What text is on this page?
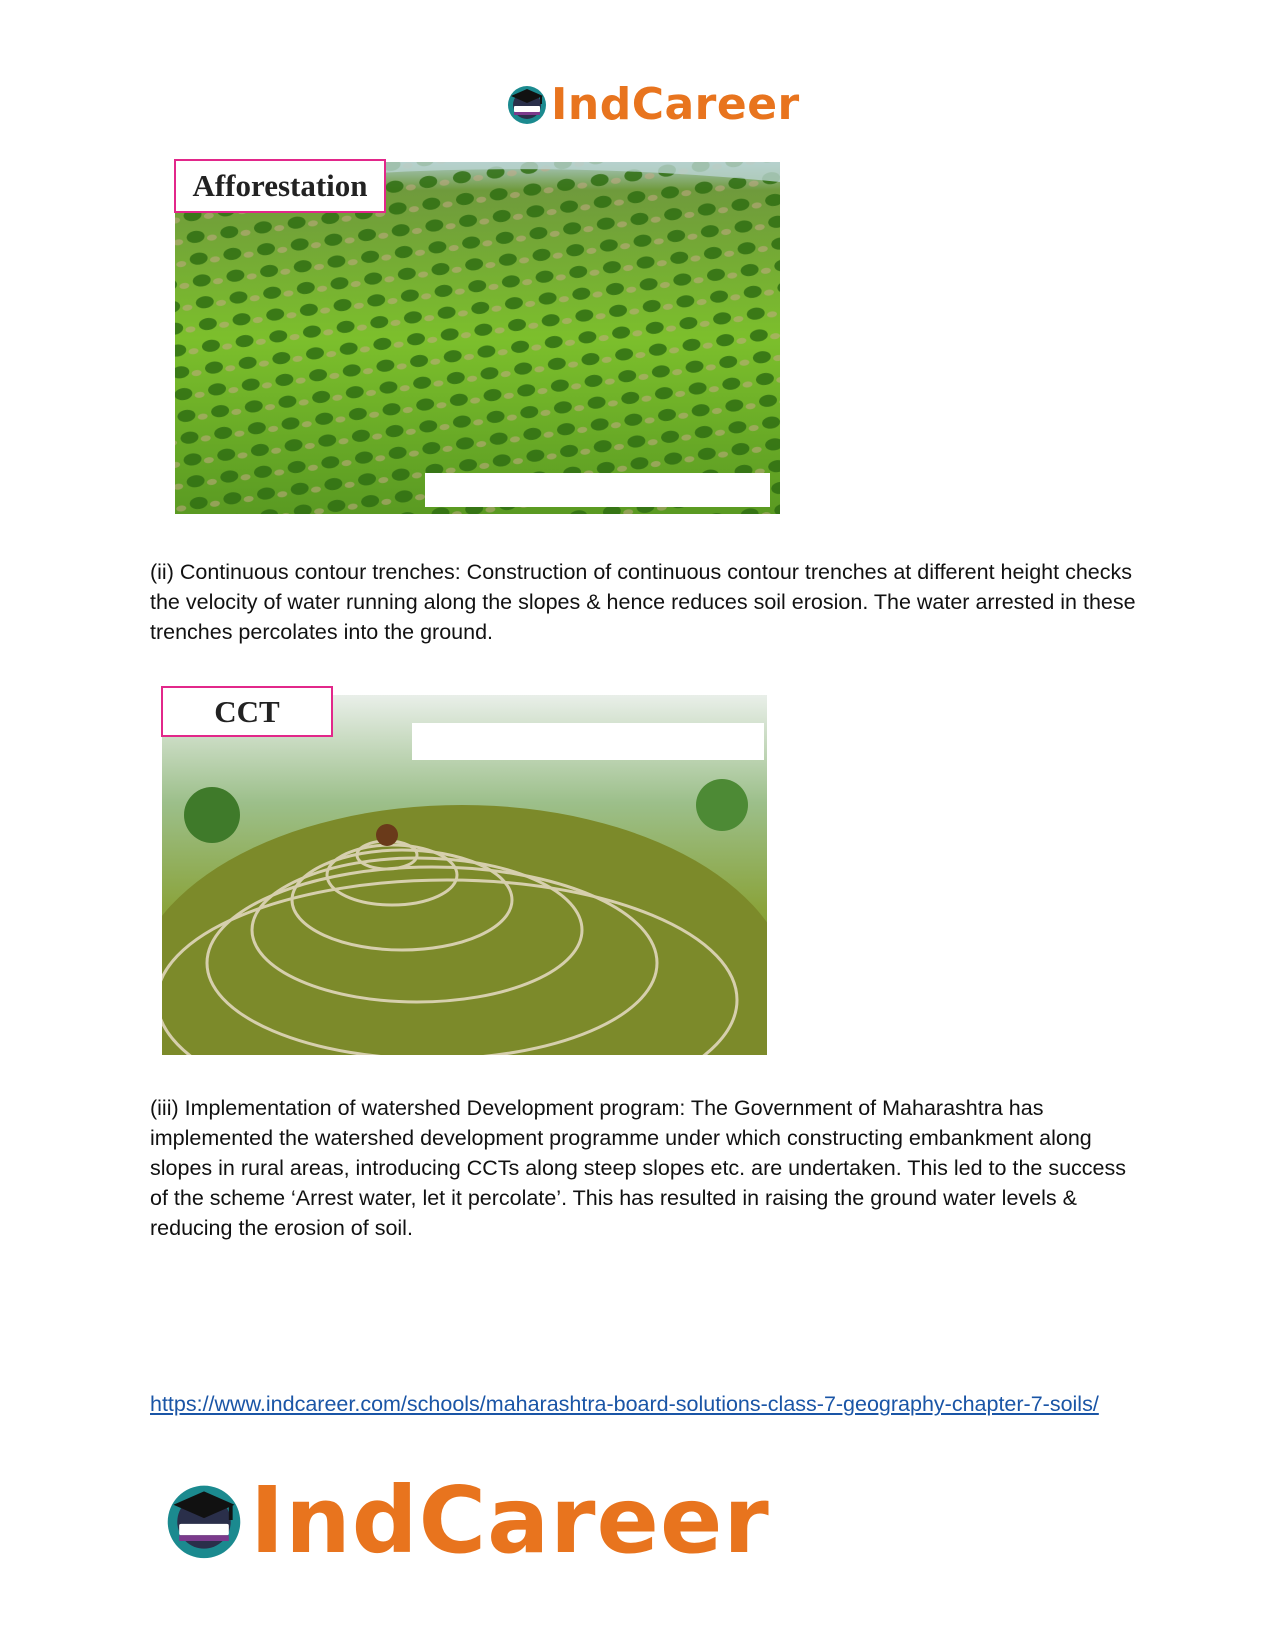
IndCareer
Afforestation

(ii) Continuous contour trenches: Construction of continuous contour trenches at different height checks the velocity of water running along the slopes & hence reduces soil erosion. The water arrested in these trenches percolates into the ground.

CCT

(iii) Implementation of watershed Development program: The Government of Maharashtra has implemented the watershed development programme under which constructing embankment along slopes in rural areas, introducing CCTs along steep slopes etc. are undertaken. This led to the success of the scheme ‘Arrest water, let it percolate’. This has resulted in raising the ground water levels & reducing the erosion of soil.

https://www.indcareer.com/schools/maharashtra-board-solutions-class-7-geography-chapter-7-soils/
IndCareer
